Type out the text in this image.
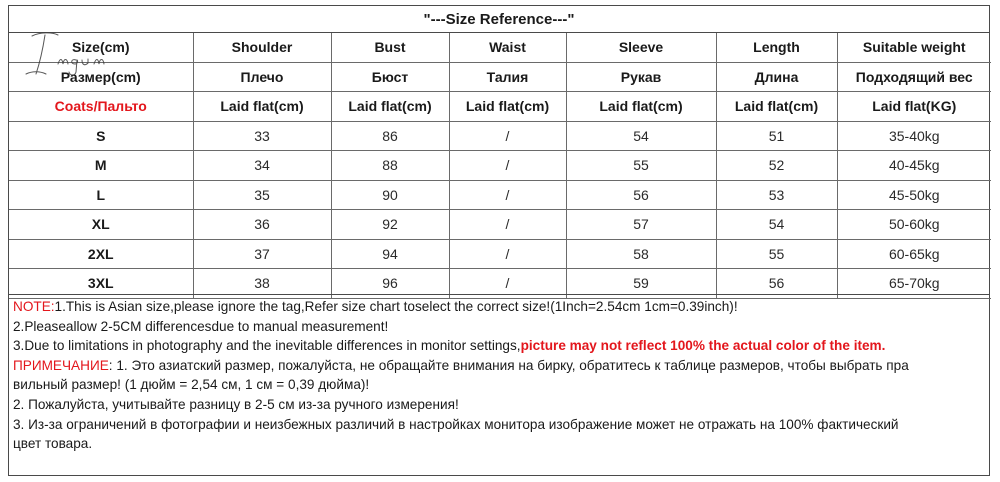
"---Size Reference---"
Size(cm)	Shoulder	Bust	Waist	Sleeve	Length	Suitable weight
Размер(cm)	Плечо	Бюст	Талия	Рукав	Длина	Подходящий вес
Coats/Пальто	Laid flat(cm)	Laid flat(cm)	Laid flat(cm)	Laid flat(cm)	Laid flat(cm)	Laid flat(KG)
S	33	86	/	54	51	35-40kg
M	34	88	/	55	52	40-45kg
L	35	90	/	56	53	45-50kg
XL	36	92	/	57	54	50-60kg
2XL	37	94	/	58	55	60-65kg
3XL	38	96	/	59	56	65-70kg
NOTE:1.This is Asian size,please ignore the tag,Refer size chart toselect the correct size!(1Inch=2.54cm 1cm=0.39inch)!
2.Pleaseallow 2-5CM differencesdue to manual measurement!
3.Due to limitations in photography and the inevitable differences in monitor settings,picture may not reflect 100% the actual color of the item.
ПРИМЕЧАНИЕ: 1. Это азиатский размер, пожалуйста, не обращайте внимания на бирку, обратитесь к таблице размеров, чтобы выбрать пра
вильный размер! (1 дюйм = 2,54 см, 1 см = 0,39 дюйма)!
2. Пожалуйста, учитывайте разницу в 2-5 см из-за ручного измерения!
3. Из-за ограничений в фотографии и неизбежных различий в настройках монитора изображение может не отражать на 100% фактический
цвет товара.
